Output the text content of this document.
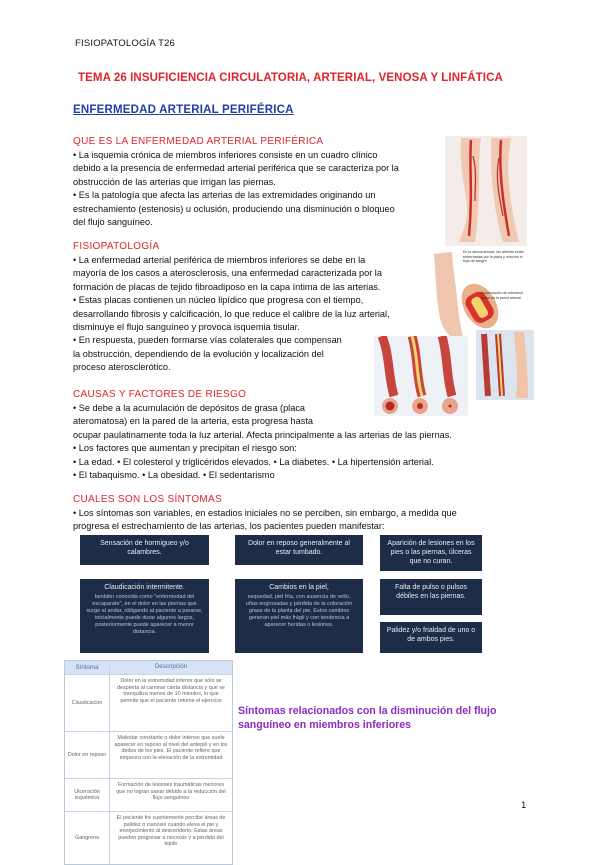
FISIOPATOLOGÍA T26
TEMA 26 INSUFICIENCIA CIRCULATORIA, ARTERIAL, VENOSA Y LINFÁTICA
ENFERMEDAD ARTERIAL PERIFÉRICA
QUE ES LA ENFERMEDAD ARTERIAL PERIFÉRICA

• La isquemia crónica de miembros inferiores consiste en un cuadro clínico

debido a la presencia de enfermedad arterial periférica que se caracteriza por la

obstrucción de las arterias que irrigan las piernas.

• Es la patología que afecta las arterias de las extremidades originando un

estrechamiento (estenosis) u oclusión, produciendo una disminución o bloqueo

del flujo sanguíneo.

FISIOPATOLOGÍA

• La enfermedad arterial periférica de miembros inferiores se debe en la

mayoría de los casos a aterosclerosis, una enfermedad caracterizada por la

formación de placas de tejido fibroadiposo en la capa íntima de las arterias.

• Estas placas contienen un núcleo lipídico que progresa con el tiempo,

desarrollando fibrosis y calcificación, lo que reduce el calibre de la luz arterial,

disminuye el flujo sanguíneo y provoca isquemia tisular.

• En respuesta, pueden formarse vías colaterales que compensan

la obstrucción, dependiendo de la evolución y localización del

proceso aterosclerótico.

CAUSAS Y FACTORES DE RIESGO

• Se debe a la acumulación de depósitos de grasa (placa

ateromatosa) en la pared de la arteria, esta progresa hasta

ocupar paulatinamente toda la luz arterial. Afecta principalmente a las arterias de las piernas.

• Los factores que aumentan y precipitan el riesgo son:

• La edad. • El colesterol y triglicéridos elevados. • La diabetes. • La hipertensión arterial.

• El tabaquismo. • La obesidad. • El sedentarismo

CUALES SON LOS SÍNTOMAS

• Los síntomas son variables, en estadios iniciales no se perciben, sin embargo, a medida que

progresa el estrechamiento de las arterias, los pacientes pueden manifestar:

En la aterosclerosis, las arterias están estrechadas por la placa y reducen el flujo de sangre
Acumulación de colesterol graso en la pared arterial
Sensación de hormigueo y/o calambres.
Dolor en reposo generalmente al estar tumbado.
Aparición de lesiones en los pies o las piernas, úlceras que no curan.
Claudicación intermitente.
también conocida como "enfermedad del escaparate", en el dolor en las piernas que surge al andar, obligando al paciente a pararse, inicialmente puede durar algunos largos, posteriormente puede aparecer a menor distancia.
Cambios en la piel,
sequedad, piel fría, con ausencia de vello, uñas engrosadas y pérdida de la coloración grasa de la planta del pie. Estos cambios generan piel más frágil y con tendencia a aparecer heridas o lesiones.
Falta de pulso o pulsos débiles en las piernas.
Palidez y/o frialdad de uno o de ambos pies.
Síntoma	Descripción
Claudicación
Dolor en la extremidad inferior que sólo se despierta al caminar cierta distancia y que se tranquiliza menos de 10 minutos, lo que permite que el paciente retome el ejercicio
Dolor en reposo
Malestar constante o dolor intenso que suele aparecer en reposo al nivel del antepié y en los dedos de los pies. El paciente refiere que empeora con la elevación de la extremidad
Ulceración isquémica
Formación de lesiones traumáticas menores que no logran sanar debido a la reducción del flujo sanguíneo
Gangrena
El paciente fre cuentemente percibe áreas de palidez o cianosis cuando eleva el pie y enrojecimiento al descenderlo. Estas áreas pueden progresar a necrosis y a pérdida del tejido
Síntomas relacionados con la disminución del flujo sanguíneo en miembros inferiores
1
